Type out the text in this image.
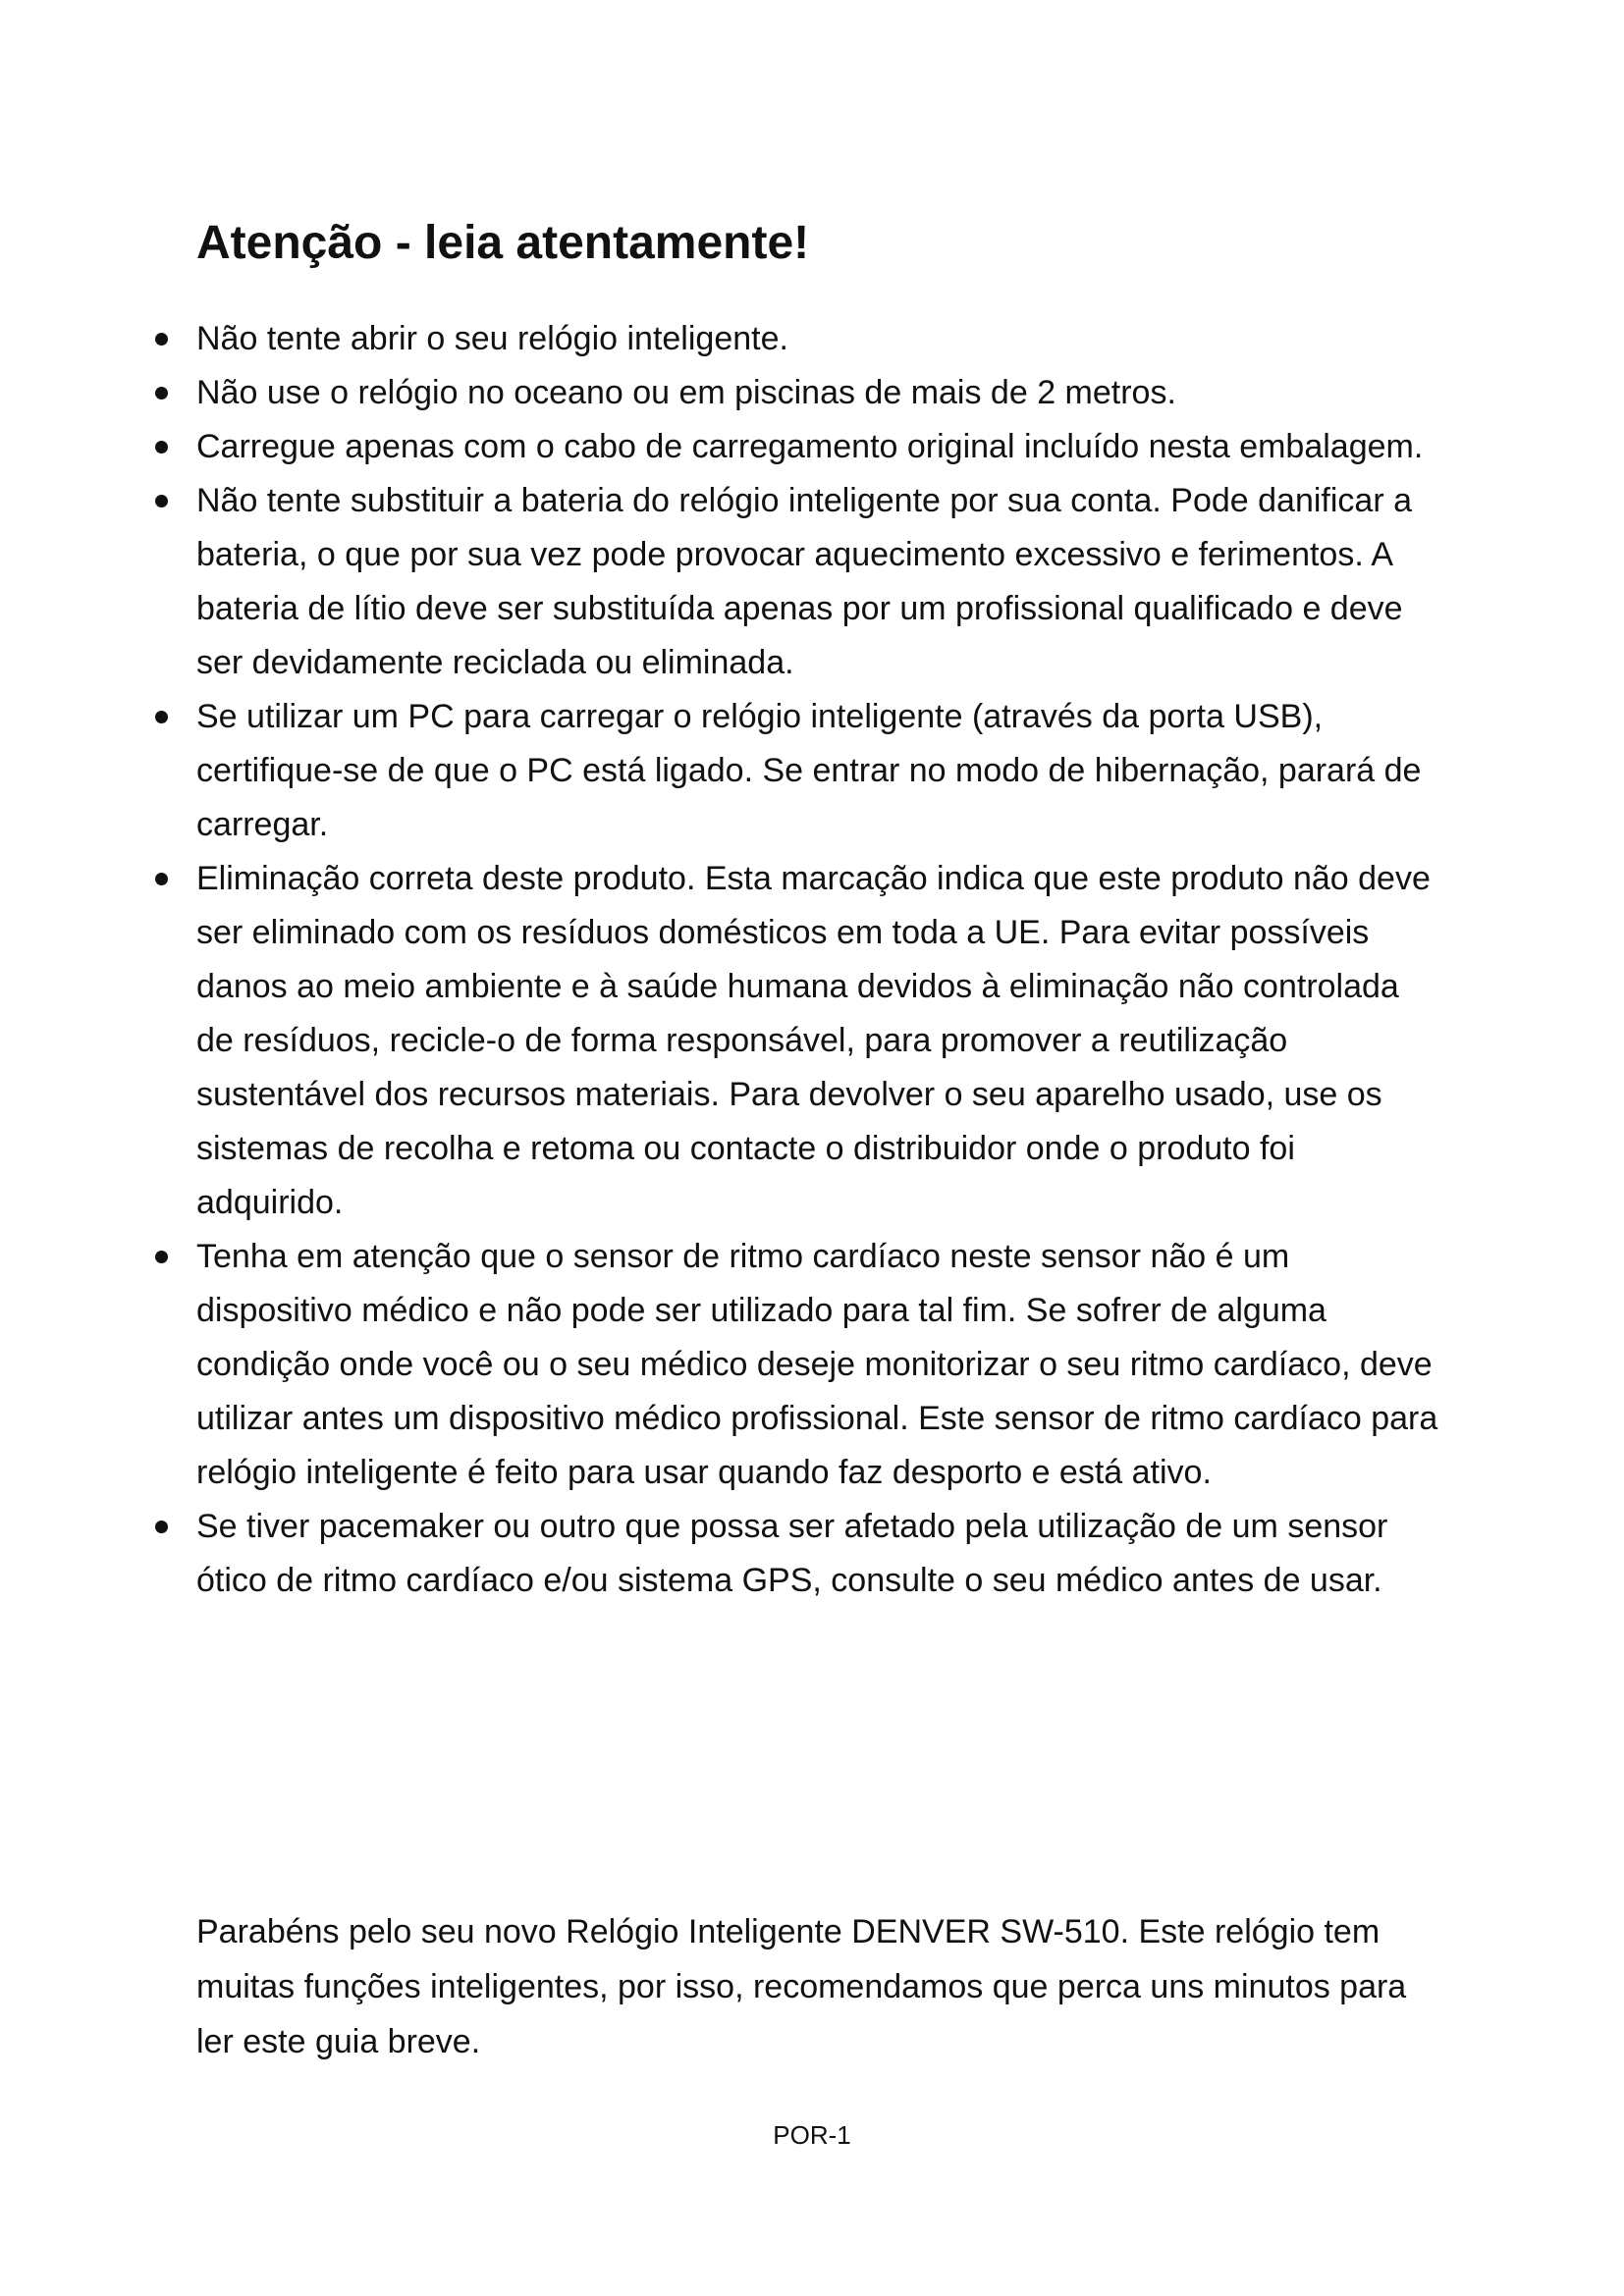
Atenção - leia atentamente!
Não tente abrir o seu relógio inteligente.
Não use o relógio no oceano ou em piscinas de mais de 2 metros.
Carregue apenas com o cabo de carregamento original incluído nesta embalagem.
Não tente substituir a bateria do relógio inteligente por sua conta. Pode danificar a bateria, o que por sua vez pode provocar aquecimento excessivo e ferimentos. A bateria de lítio deve ser substituída apenas por um profissional qualificado e deve ser devidamente reciclada ou eliminada.
Se utilizar um PC para carregar o relógio inteligente (através da porta USB), certifique-se de que o PC está ligado. Se entrar no modo de hibernação, parará de carregar.
Eliminação correta deste produto. Esta marcação indica que este produto não deve ser eliminado com os resíduos domésticos em toda a UE. Para evitar possíveis danos ao meio ambiente e à saúde humana devidos à eliminação não controlada de resíduos, recicle-o de forma responsável, para promover a reutilização sustentável dos recursos materiais. Para devolver o seu aparelho usado, use os sistemas de recolha e retoma ou contacte o distribuidor onde o produto foi adquirido.
Tenha em atenção que o sensor de ritmo cardíaco neste sensor não é um dispositivo médico e não pode ser utilizado para tal fim. Se sofrer de alguma condição onde você ou o seu médico deseje monitorizar o seu ritmo cardíaco, deve utilizar antes um dispositivo médico profissional. Este sensor de ritmo cardíaco para relógio inteligente é feito para usar quando faz desporto e está ativo.
Se tiver pacemaker ou outro que possa ser afetado pela utilização de um sensor ótico de ritmo cardíaco e/ou sistema GPS, consulte o seu médico antes de usar.

Parabéns pelo seu novo Relógio Inteligente DENVER SW-510. Este relógio tem muitas funções inteligentes, por isso, recomendamos que perca uns minutos para ler este guia breve.

POR-1
